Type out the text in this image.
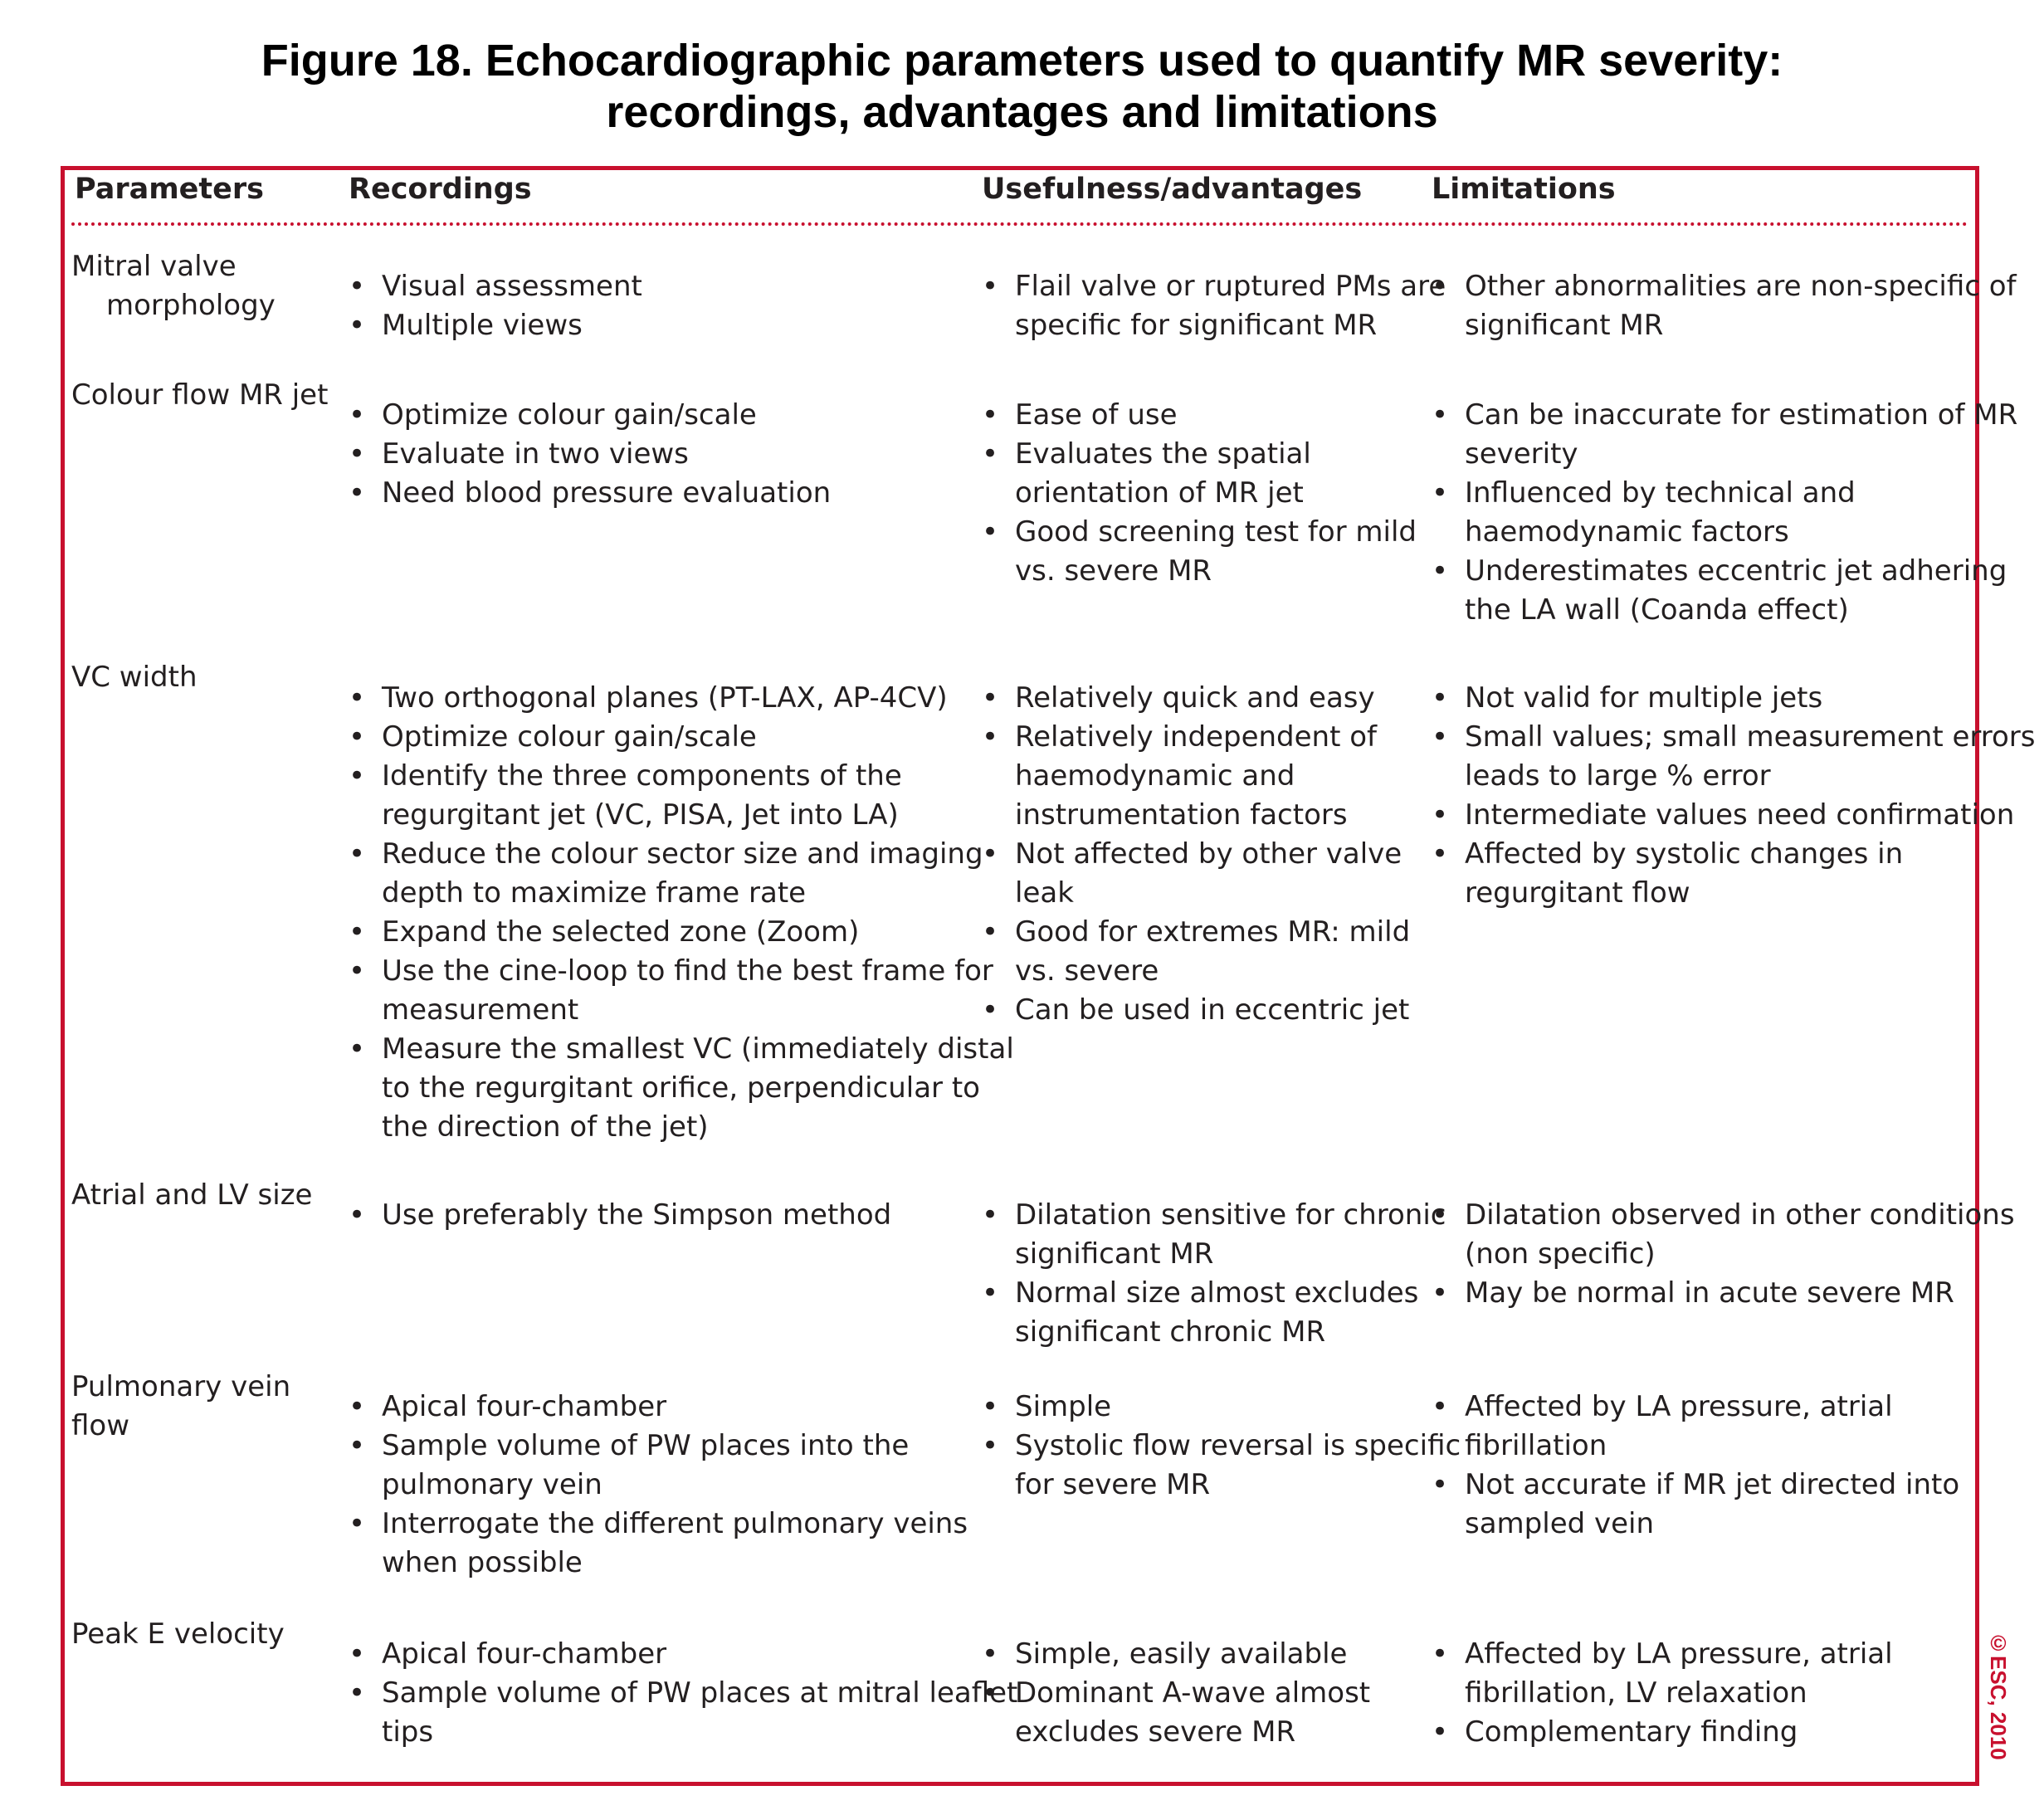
Figure 18. Echocardiographic parameters used to quantify MR severity:
recordings, advantages and limitations
Parameters	Recordings	Usefulness/advantages Limitations
Mitral valve
morphology
• Visual assessment
• Multiple views
• Flail valve or ruptured PMs are
specific for significant MR
• Other abnormalities are non-specific of
significant MR
Colour flow MR jet
• Optimize colour gain/scale
• Evaluate in two views
• Need blood pressure evaluation
• Ease of use
• Evaluates the spatial
orientation of MR jet
• Good screening test for mild
vs. severe MR
• Can be inaccurate for estimation of MR
severity
• Influenced by technical and
haemodynamic factors
• Underestimates eccentric jet adhering
the LA wall (Coanda effect)
VC width
• Two orthogonal planes (PT-LAX, AP-4CV)
• Optimize colour gain/scale
• Identify the three components of the
regurgitant jet (VC, PISA, Jet into LA)
• Reduce the colour sector size and imaging
depth to maximize frame rate
• Expand the selected zone (Zoom)
• Use the cine-loop to find the best frame for
measurement
• Measure the smallest VC (immediately distal
to the regurgitant orifice, perpendicular to
the direction of the jet)
• Relatively quick and easy
• Relatively independent of
haemodynamic and
instrumentation factors
• Not affected by other valve
leak
• Good for extremes MR: mild
vs. severe
• Can be used in eccentric jet
• Not valid for multiple jets
• Small values; small measurement errors
leads to large % error
• Intermediate values need confirmation
• Affected by systolic changes in
regurgitant flow
Atrial and LV size
• Use preferably the Simpson method
•	Dilatation sensitive for chronic
significant MR
• Normal size almost excludes
significant chronic MR
• Dilatation observed in other conditions
(non specific)
• May be normal in acute severe MR
Pulmonary vein
flow
• Apical four-chamber
• Sample volume of PW places into the
pulmonary vein
• Interrogate the different pulmonary veins
when possible
• Simple
• Systolic flow reversal is specific
for severe MR
• Affected by LA pressure, atrial
fibrillation
• Not accurate if MR jet directed into
sampled vein
Peak E velocity
• Apical four-chamber
• Sample volume of PW places at mitral leaflet
tips
• Simple, easily available
• Dominant A-wave almost
excludes severe MR
• Affected by LA pressure, atrial
fibrillation, LV relaxation
• Complementary finding	©ESC, 2010
